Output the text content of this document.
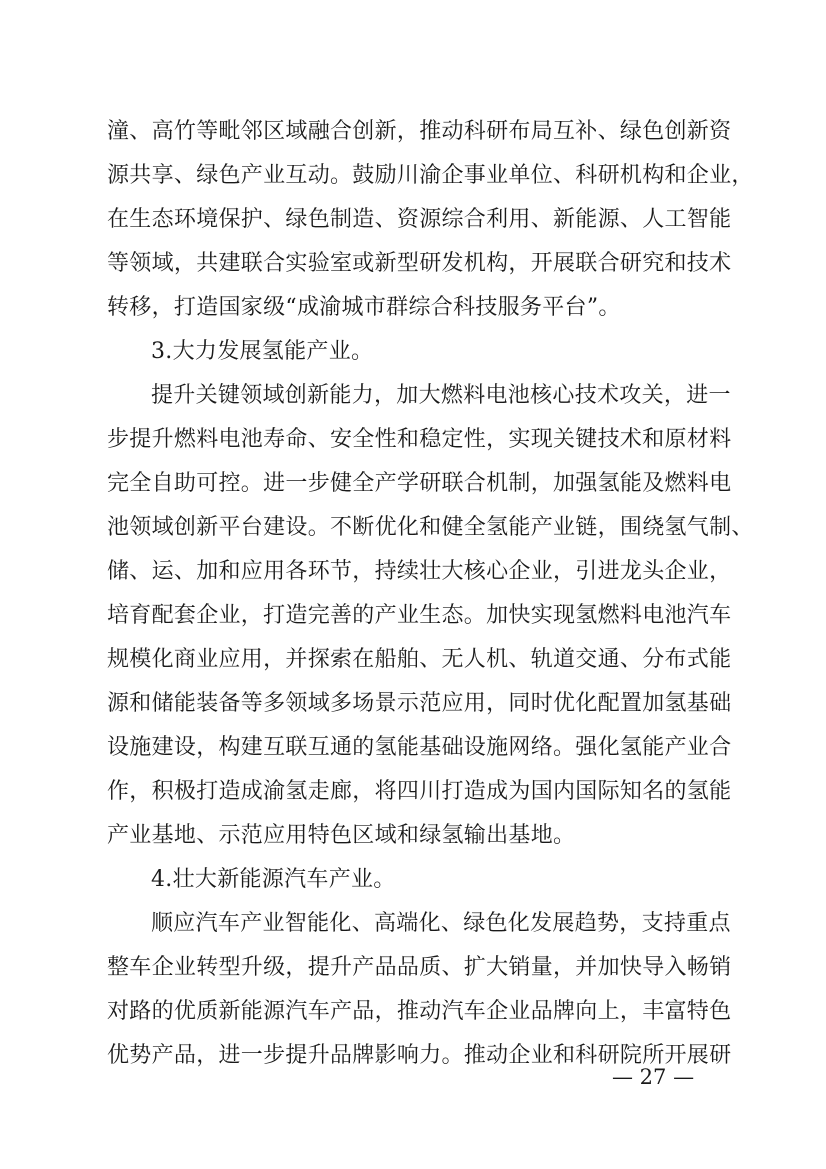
潼、高竹等毗邻区域融合创新，推动科研布局互补、绿色创新资
源共享、绿色产业互动。鼓励川渝企事业单位、科研机构和企业，
在生态环境保护、绿色制造、资源综合利用、新能源、人工智能
等领域，共建联合实验室或新型研发机构，开展联合研究和技术
转移，打造国家级“成渝城市群综合科技服务平台”。
3.大力发展氢能产业。
提升关键领域创新能力，加大燃料电池核心技术攻关，进一
步提升燃料电池寿命、安全性和稳定性，实现关键技术和原材料
完全自助可控。进一步健全产学研联合机制，加强氢能及燃料电
池领域创新平台建设。不断优化和健全氢能产业链，围绕氢气制、
储、运、加和应用各环节，持续壮大核心企业，引进龙头企业，
培育配套企业，打造完善的产业生态。加快实现氢燃料电池汽车
规模化商业应用，并探索在船舶、无人机、轨道交通、分布式能
源和储能装备等多领域多场景示范应用，同时优化配置加氢基础
设施建设，构建互联互通的氢能基础设施网络。强化氢能产业合
作，积极打造成渝氢走廊，将四川打造成为国内国际知名的氢能
产业基地、示范应用特色区域和绿氢输出基地。
4.壮大新能源汽车产业。
顺应汽车产业智能化、高端化、绿色化发展趋势，支持重点
整车企业转型升级，提升产品品质、扩大销量，并加快导入畅销
对路的优质新能源汽车产品，推动汽车企业品牌向上，丰富特色
优势产品，进一步提升品牌影响力。推动企业和科研院所开展研
— 27 —
